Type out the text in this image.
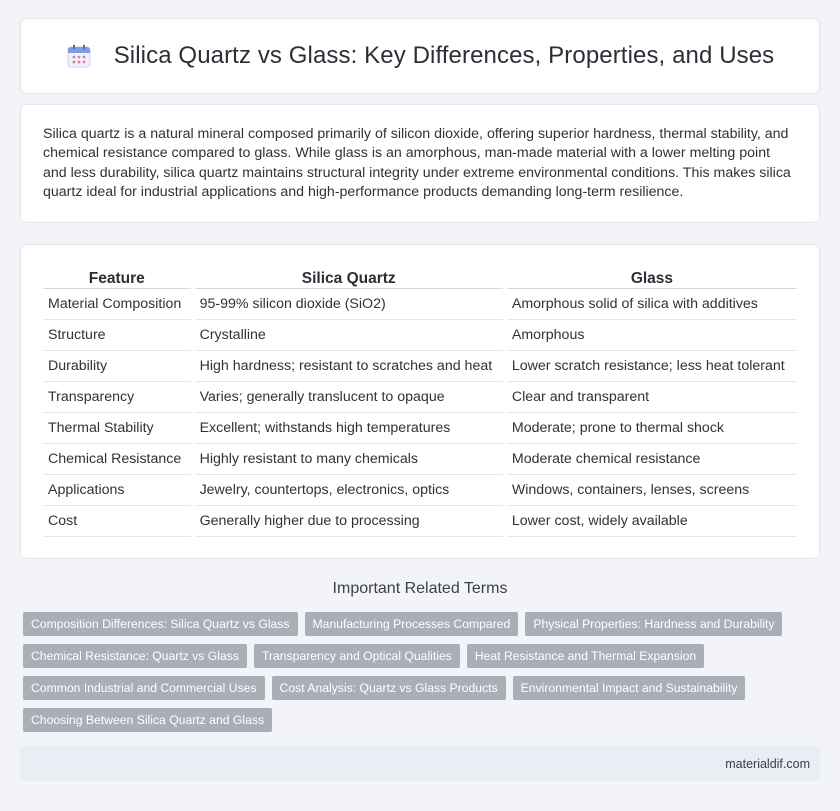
Silica Quartz vs Glass: Key Differences, Properties, and Uses

Silica quartz is a natural mineral composed primarily of silicon dioxide, offering superior hardness, thermal stability, and chemical resistance compared to glass. While glass is an amorphous, man-made material with a lower melting point and less durability, silica quartz maintains structural integrity under extreme environmental conditions. This makes silica quartz ideal for industrial applications and high-performance products demanding long-term resilience.

Feature	Silica Quartz	Glass
Material Composition	95-99% silicon dioxide (SiO2)	Amorphous solid of silica with additives
Structure	Crystalline	Amorphous
Durability	High hardness; resistant to scratches and heat	Lower scratch resistance; less heat tolerant
Transparency	Varies; generally translucent to opaque	Clear and transparent
Thermal Stability	Excellent; withstands high temperatures	Moderate; prone to thermal shock
Chemical Resistance	Highly resistant to many chemicals	Moderate chemical resistance
Applications	Jewelry, countertops, electronics, optics	Windows, containers, lenses, screens
Cost	Generally higher due to processing	Lower cost, widely available
Important Related Terms
Composition Differences: Silica Quartz vs Glass	Manufacturing Processes Compared	Physical Properties: Hardness and Durability
Chemical Resistance: Quartz vs Glass	Transparency and Optical Qualities	Heat Resistance and Thermal Expansion
Common Industrial and Commercial Uses	Cost Analysis: Quartz vs Glass Products	Environmental Impact and Sustainability
Choosing Between Silica Quartz and Glass
materialdif.com
